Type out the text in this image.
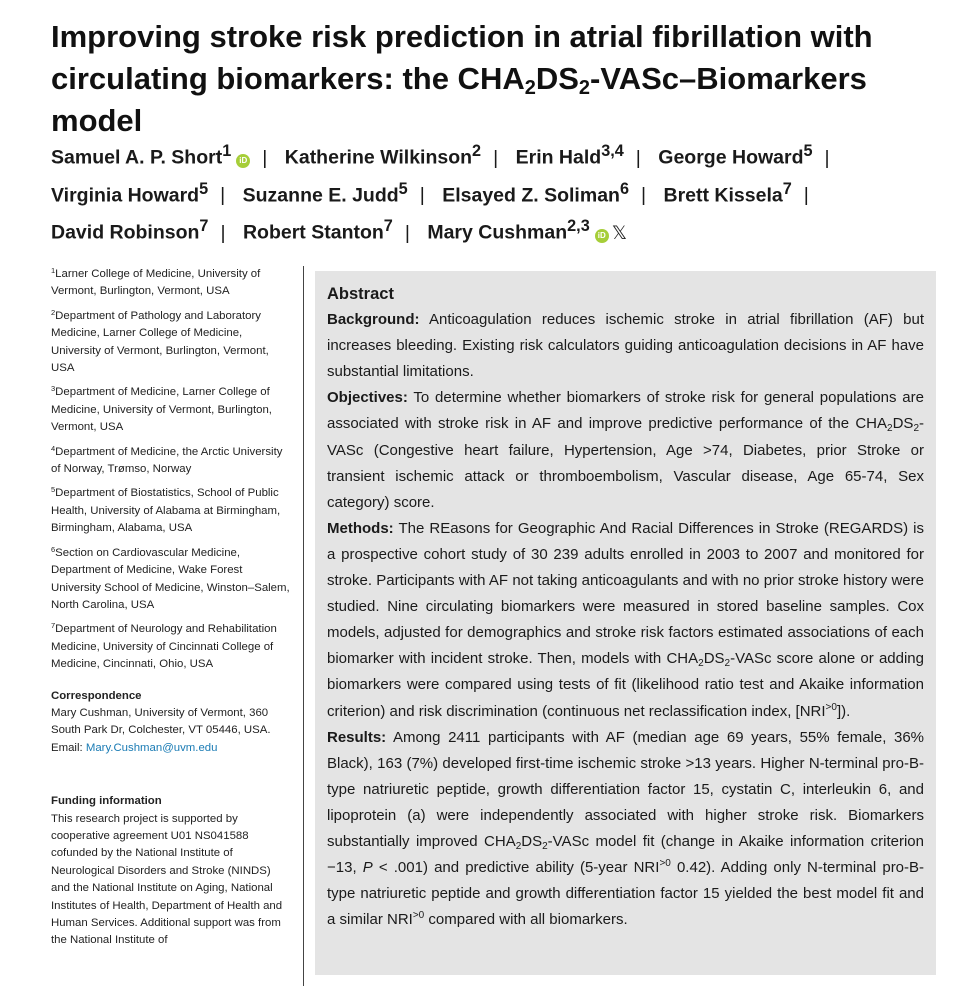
Improving stroke risk prediction in atrial fibrillation with circulating biomarkers: the $CHA_2DS_2-VASc$–Biomarkers model
Samuel A. P. Short$^1$ iD | Katherine Wilkinson$^2$ | Erin Hald$^{3,4}$ | George Howard$^5$ | Virginia Howard$^5$ | Suzanne E. Judd$^5$ | Elsayed Z. Soliman$^6$ | Brett Kissela$^7$ | David Robinson$^7$ | Robert Stanton$^7$ | Mary Cushman$^{2,3}$ iD 𝕏
$^1$Larner College of Medicine, University of Vermont, Burlington, Vermont, USA
$^2$Department of Pathology and Laboratory Medicine, Larner College of Medicine, University of Vermont, Burlington, Vermont, USA
$^3$Department of Medicine, Larner College of Medicine, University of Vermont, Burlington, Vermont, USA
$^4$Department of Medicine, the Arctic University of Norway, Trømso, Norway
$^5$Department of Biostatistics, School of Public Health, University of Alabama at Birmingham, Birmingham, Alabama, USA
$^6$Section on Cardiovascular Medicine, Department of Medicine, Wake Forest University School of Medicine, Winston–Salem, North Carolina, USA
$^7$Department of Neurology and Rehabilitation Medicine, University of Cincinnati College of Medicine, Cincinnati, Ohio, USA
Correspondence
Mary Cushman, University of Vermont, 360 South Park Dr, Colchester, VT 05446, USA. Email: Mary.Cushman@uvm.edu
Funding information
This research project is supported by cooperative agreement U01 NS041588 cofunded by the National Institute of Neurological Disorders and Stroke (NINDS) and the National Institute on Aging, National Institutes of Health, Department of Health and Human Services. Additional support was from the National Institute of
Abstract

Background: Anticoagulation reduces ischemic stroke in atrial fibrillation (AF) but increases bleeding. Existing risk calculators guiding anticoagulation decisions in AF have substantial limitations.

Objectives: To determine whether biomarkers of stroke risk for general populations are associated with stroke risk in AF and improve predictive performance of the $CHA_2DS_2$-VASc (Congestive heart failure, Hypertension, Age >74, Diabetes, prior Stroke or transient ischemic attack or thromboembolism, Vascular disease, Age 65-74, Sex category) score.

Methods: The REasons for Geographic And Racial Differences in Stroke (REGARDS) is a prospective cohort study of 30 239 adults enrolled in 2003 to 2007 and monitored for stroke. Participants with AF not taking anticoagulants and with no prior stroke history were studied. Nine circulating biomarkers were measured in stored baseline samples. Cox models, adjusted for demographics and stroke risk factors estimated associations of each biomarker with incident stroke. Then, models with $CHA_2DS_2$-VASc score alone or adding biomarkers were compared using tests of fit (likelihood ratio test and Akaike information criterion) and risk discrimination (continuous net reclassification index, $[NRI^{>0}]$).

Results: Among 2411 participants with AF (median age 69 years, 55% female, 36% Black), 163 (7%) developed first-time ischemic stroke >13 years. Higher N-terminal pro-B-type natriuretic peptide, growth differentiation factor 15, cystatin C, interleukin 6, and lipoprotein (a) were independently associated with higher stroke risk. Biomarkers substantially improved $CHA_2DS_2$-VASc model fit (change in Akaike information criterion −13, P < .001) and predictive ability (5-year $NRI^{>0}$ 0.42). Adding only N-terminal pro-B-type natriuretic peptide and growth differentiation factor 15 yielded the best model fit and a similar $NRI^{>0}$ compared with all biomarkers.
